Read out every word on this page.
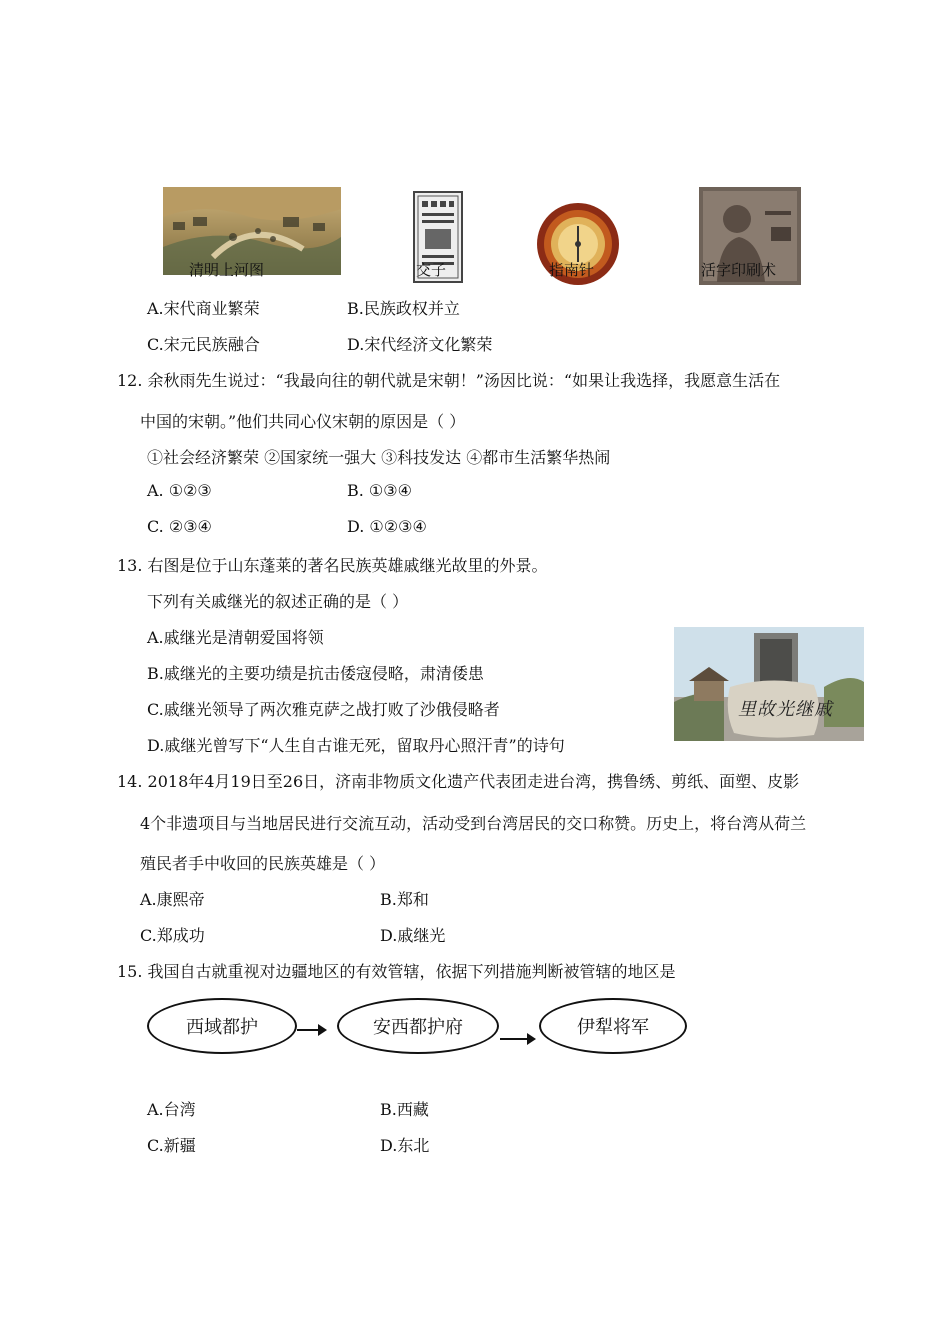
清明上河图	交子	指南针	活字印刷术
A.宋代商业繁荣	B.民族政权并立
C.宋元民族融合	D.宋代经济文化繁荣
12. 余秋雨先生说过：“我最向往的朝代就是宋朝！”汤因比说：“如果让我选择，我愿意生活在
中国的宋朝。”他们共同心仪宋朝的原因是（ ）
①社会经济繁荣 ②国家统一强大 ③科技发达 ④都市生活繁华热闹
A. ①②③	B. ①③④
C. ②③④	D. ①②③④
13. 右图是位于山东蓬莱的著名民族英雄戚继光故里的外景。
下列有关戚继光的叙述正确的是（ ）
A.戚继光是清朝爱国将领
B.戚继光的主要功绩是抗击倭寇侵略，肃清倭患
C.戚继光领导了两次雅克萨之战打败了沙俄侵略者
D.戚继光曾写下“人生自古谁无死，留取丹心照汗青”的诗句
里故光继戚
14. 2018年4月19日至26日，济南非物质文化遗产代表团走进台湾，携鲁绣、剪纸、面塑、皮影
4个非遗项目与当地居民进行交流互动，活动受到台湾居民的交口称赞。历史上，将台湾从荷兰
殖民者手中收回的民族英雄是（ ）
A.康熙帝	B.郑和
C.郑成功	D.戚继光
15. 我国自古就重视对边疆地区的有效管辖，依据下列措施判断被管辖的地区是
西域都护	安西都护府	伊犁将军
A.台湾	B.西藏
C.新疆	D.东北
